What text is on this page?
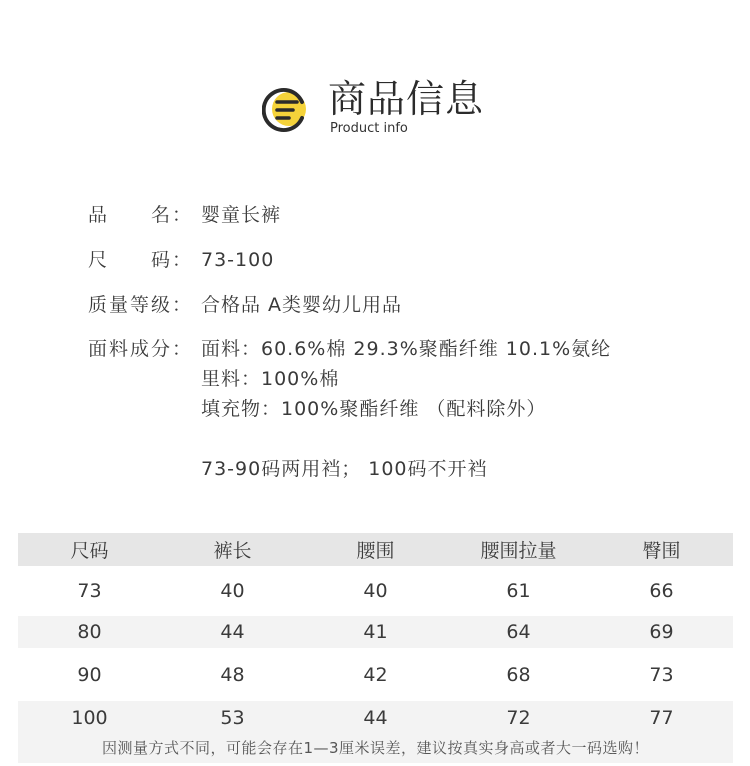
商品信息
Product info
品　　名： 婴童长裤
尺　　码： 73-100
质量等级： 合格品 A类婴幼儿用品
面料成分： 面料：60.6%棉 29.3%聚酯纤维 10.1%氨纶
里料：100%棉
填充物：100%聚酯纤维 （配料除外）
73-90码两用裆； 100码不开裆
尺码	裤长	腰围	腰围拉量	臀围
73	40	40	61	66
80	44	41	64	69
90	48	42	68	73
100	53	44	72	77
因测量方式不同，可能会存在1—3厘米误差，建议按真实身高或者大一码选购！
